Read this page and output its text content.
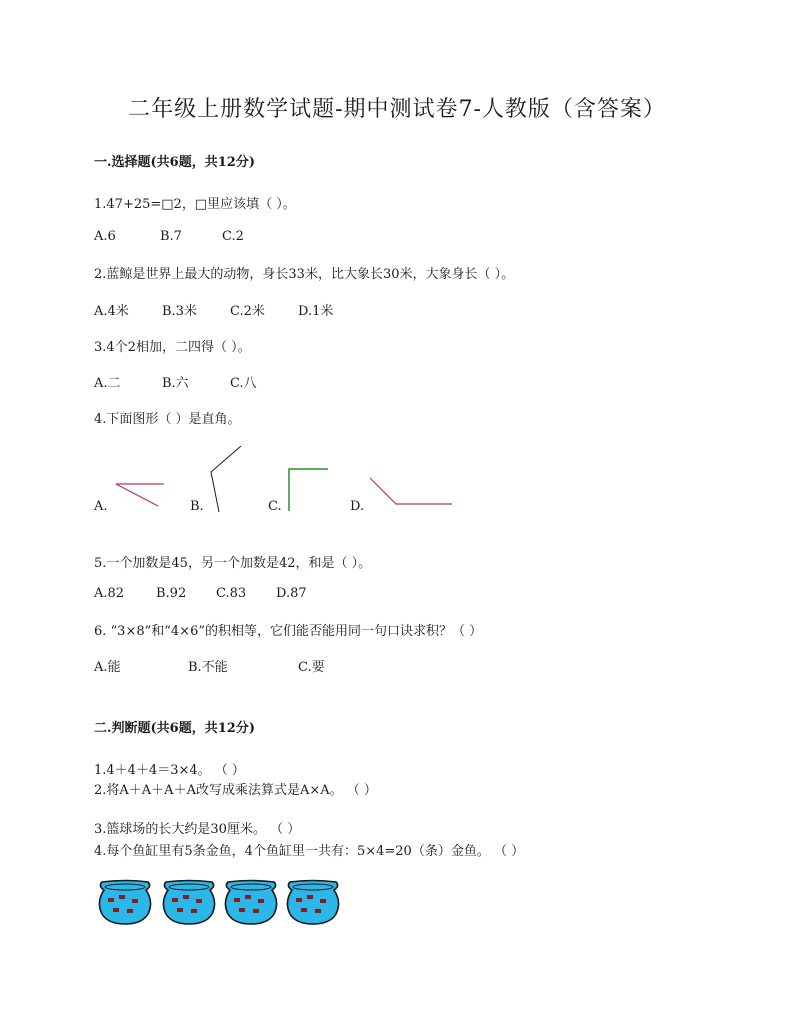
二年级上册数学试题-期中测试卷7-人教版（含答案）
一.选择题(共6题，共12分)
1.47+25=□2，□里应该填（ ）。
A.6	B.7	C.2
2.蓝鲸是世界上最大的动物，身长33米，比大象长30米，大象身长（ ）。
A.4米	B.3米	C.2米	D.1米
3.4个2相加，二四得（ ）。
A.二	B.六	C.八
4.下面图形（ ）是直角。
A.	B.	C.	D.
5.一个加数是45，另一个加数是42，和是（ ）。
A.82 B.92 C.83 D.87
6. “3×8”和“4×6”的积相等，它们能否能用同一句口诀求积？（ ）
A.能	B.不能	C.要
二.判断题(共6题，共12分)
1.4＋4＋4＝3×4。 （ ）
2.将A＋A＋A＋A改写成乘法算式是A×A。 （ ）
3.篮球场的长大约是30厘米。 （ ）
4.每个鱼缸里有5条金鱼，4个鱼缸里一共有：5×4=20（条）金鱼。 （ ）
